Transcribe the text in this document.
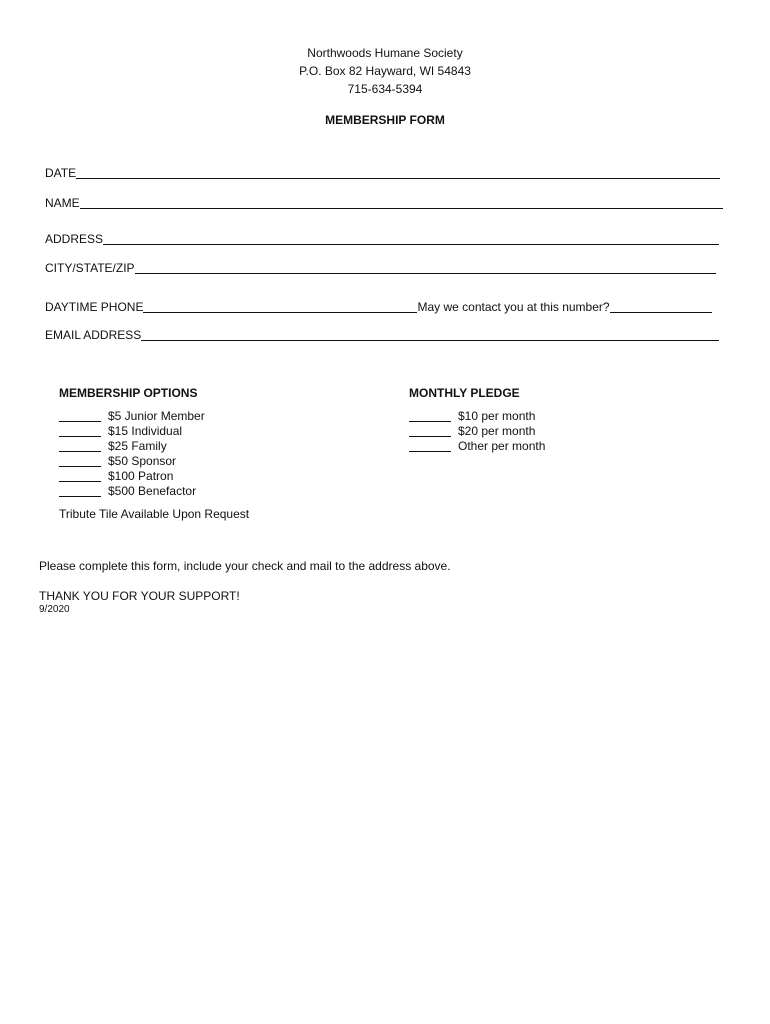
Northwoods Humane Society
P.O. Box 82 Hayward, WI 54843
715-634-5394
MEMBERSHIP FORM
DATE
NAME
ADDRESS
CITY/STATE/ZIP
DAYTIME PHONE	May we contact you at this number?
EMAIL ADDRESS
MEMBERSHIP OPTIONS
$5 Junior Member
$15 Individual
$25 Family
$50 Sponsor
$100 Patron
$500 Benefactor
Tribute Tile Available Upon Request
MONTHLY PLEDGE
$10 per month
$20 per month
Other per month
Please complete this form, include your check and mail to the address above.
THANK YOU FOR YOUR SUPPORT!
9/2020
